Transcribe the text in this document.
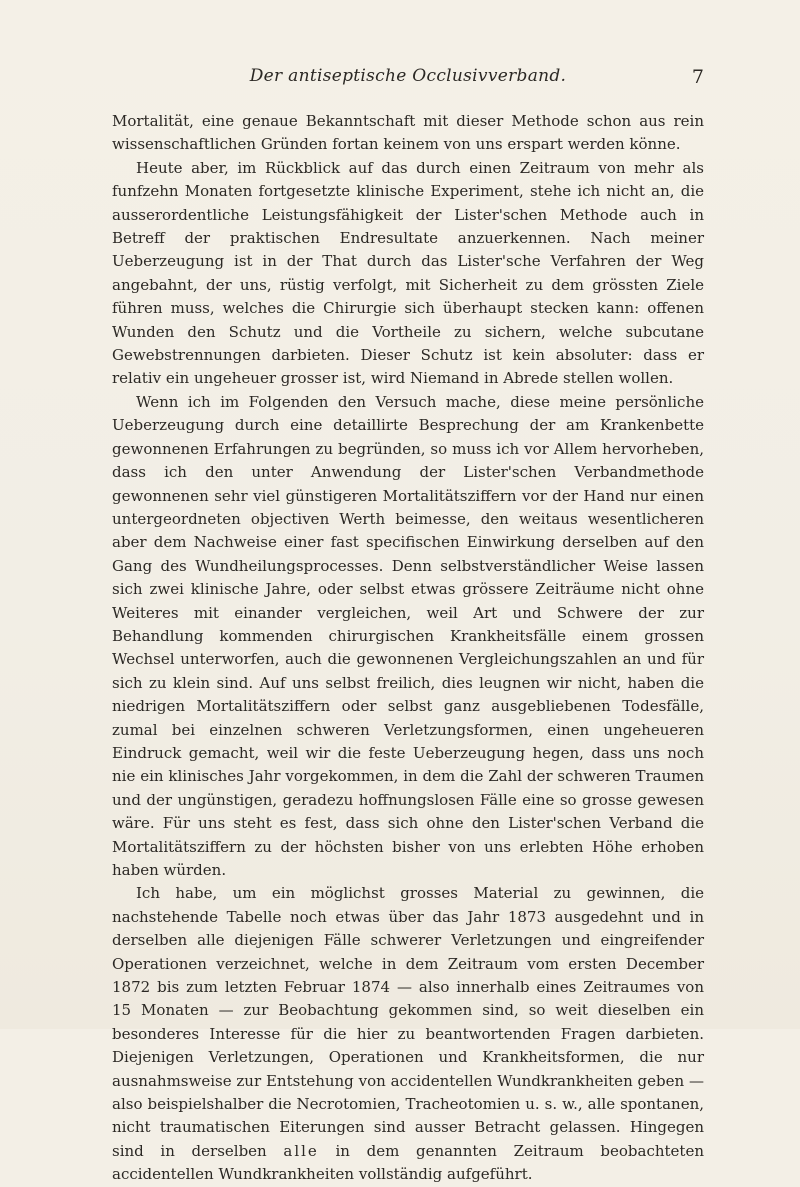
Der antiseptische Occlusivverband.	7

Mortalität, eine genaue Bekanntschaft mit dieser Methode schon aus rein wissenschaftlichen Gründen fortan keinem von uns erspart werden könne.

Heute aber, im Rückblick auf das durch einen Zeitraum von mehr als funfzehn Monaten fortgesetzte klinische Experiment, stehe ich nicht an, die ausserordentliche Leistungsfähigkeit der Lister'schen Methode auch in Betreff der praktischen Endresultate anzuerkennen. Nach meiner Ueberzeugung ist in der That durch das Lister'sche Verfahren der Weg angebahnt, der uns, rüstig verfolgt, mit Sicherheit zu dem grössten Ziele führen muss, welches die Chirurgie sich überhaupt stecken kann: offenen Wunden den Schutz und die Vortheile zu sichern, welche subcutane Gewebstrennungen darbieten. Dieser Schutz ist kein absoluter: dass er relativ ein ungeheuer grosser ist, wird Niemand in Abrede stellen wollen.

Wenn ich im Folgenden den Versuch mache, diese meine persönliche Ueberzeugung durch eine detaillirte Besprechung der am Krankenbette gewonnenen Erfahrungen zu begründen, so muss ich vor Allem hervorheben, dass ich den unter Anwendung der Lister'schen Verbandmethode gewonnenen sehr viel günstigeren Mortalitätsziffern vor der Hand nur einen untergeordneten objectiven Werth beimesse, den weitaus wesentlicheren aber dem Nachweise einer fast specifischen Einwirkung derselben auf den Gang des Wundheilungsprocesses. Denn selbstverständlicher Weise lassen sich zwei klinische Jahre, oder selbst etwas grössere Zeiträume nicht ohne Weiteres mit einander vergleichen, weil Art und Schwere der zur Behandlung kommenden chirurgischen Krankheitsfälle einem grossen Wechsel unterworfen, auch die gewonnenen Vergleichungszahlen an und für sich zu klein sind. Auf uns selbst freilich, dies leugnen wir nicht, haben die niedrigen Mortalitätsziffern oder selbst ganz ausgebliebenen Todesfälle, zumal bei einzelnen schweren Verletzungsformen, einen ungeheueren Eindruck gemacht, weil wir die feste Ueberzeugung hegen, dass uns noch nie ein klinisches Jahr vorgekommen, in dem die Zahl der schweren Traumen und der ungünstigen, geradezu hoffnungslosen Fälle eine so grosse gewesen wäre. Für uns steht es fest, dass sich ohne den Lister'schen Verband die Mortalitätsziffern zu der höchsten bisher von uns erlebten Höhe erhoben haben würden.

Ich habe, um ein möglichst grosses Material zu gewinnen, die nachstehende Tabelle noch etwas über das Jahr 1873 ausgedehnt und in derselben alle diejenigen Fälle schwerer Verletzungen und eingreifender Operationen verzeichnet, welche in dem Zeitraum vom ersten December 1872 bis zum letzten Februar 1874 — also innerhalb eines Zeitraumes von 15 Monaten — zur Beobachtung gekommen sind, so weit dieselben ein besonderes Interesse für die hier zu beantwortenden Fragen darbieten. Diejenigen Verletzungen, Operationen und Krankheitsformen, die nur ausnahmsweise zur Entstehung von accidentellen Wundkrankheiten geben — also beispielshalber die Necrotomien, Tracheotomien u. s. w., alle spontanen, nicht traumatischen Eiterungen sind ausser Betracht gelassen. Hingegen sind in derselben alle in dem genannten Zeitraum beobachteten accidentellen Wundkrankheiten vollständig aufgeführt.
